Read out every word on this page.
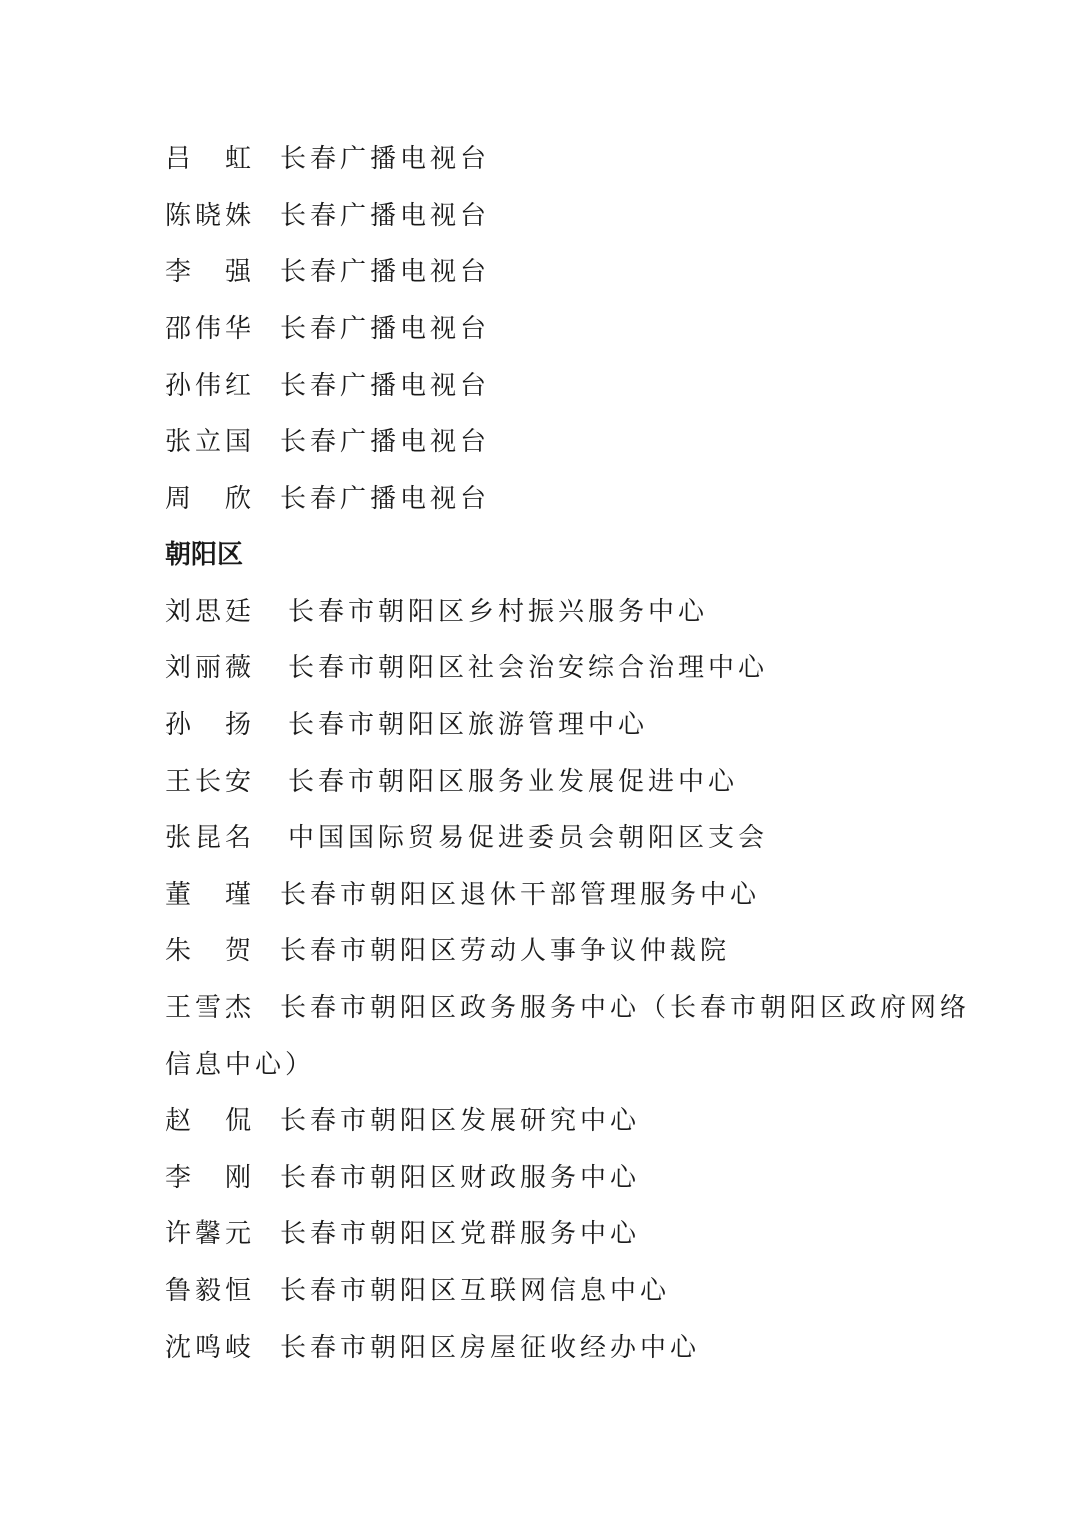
吕　虹 长春广播电视台
陈晓姝 长春广播电视台
李　强 长春广播电视台
邵伟华 长春广播电视台
孙伟红 长春广播电视台
张立国 长春广播电视台
周　欣 长春广播电视台
朝阳区
刘思廷 长春市朝阳区乡村振兴服务中心
刘丽薇 长春市朝阳区社会治安综合治理中心
孙　扬 长春市朝阳区旅游管理中心
王长安 长春市朝阳区服务业发展促进中心
张昆名 中国国际贸易促进委员会朝阳区支会
董　瑾 长春市朝阳区退休干部管理服务中心
朱　贺 长春市朝阳区劳动人事争议仲裁院
王雪杰 长春市朝阳区政务服务中心（长春市朝阳区政府网络
信息中心）
赵　侃 长春市朝阳区发展研究中心
李　刚 长春市朝阳区财政服务中心
许馨元 长春市朝阳区党群服务中心
鲁毅恒 长春市朝阳区互联网信息中心
沈鸣岐 长春市朝阳区房屋征收经办中心
